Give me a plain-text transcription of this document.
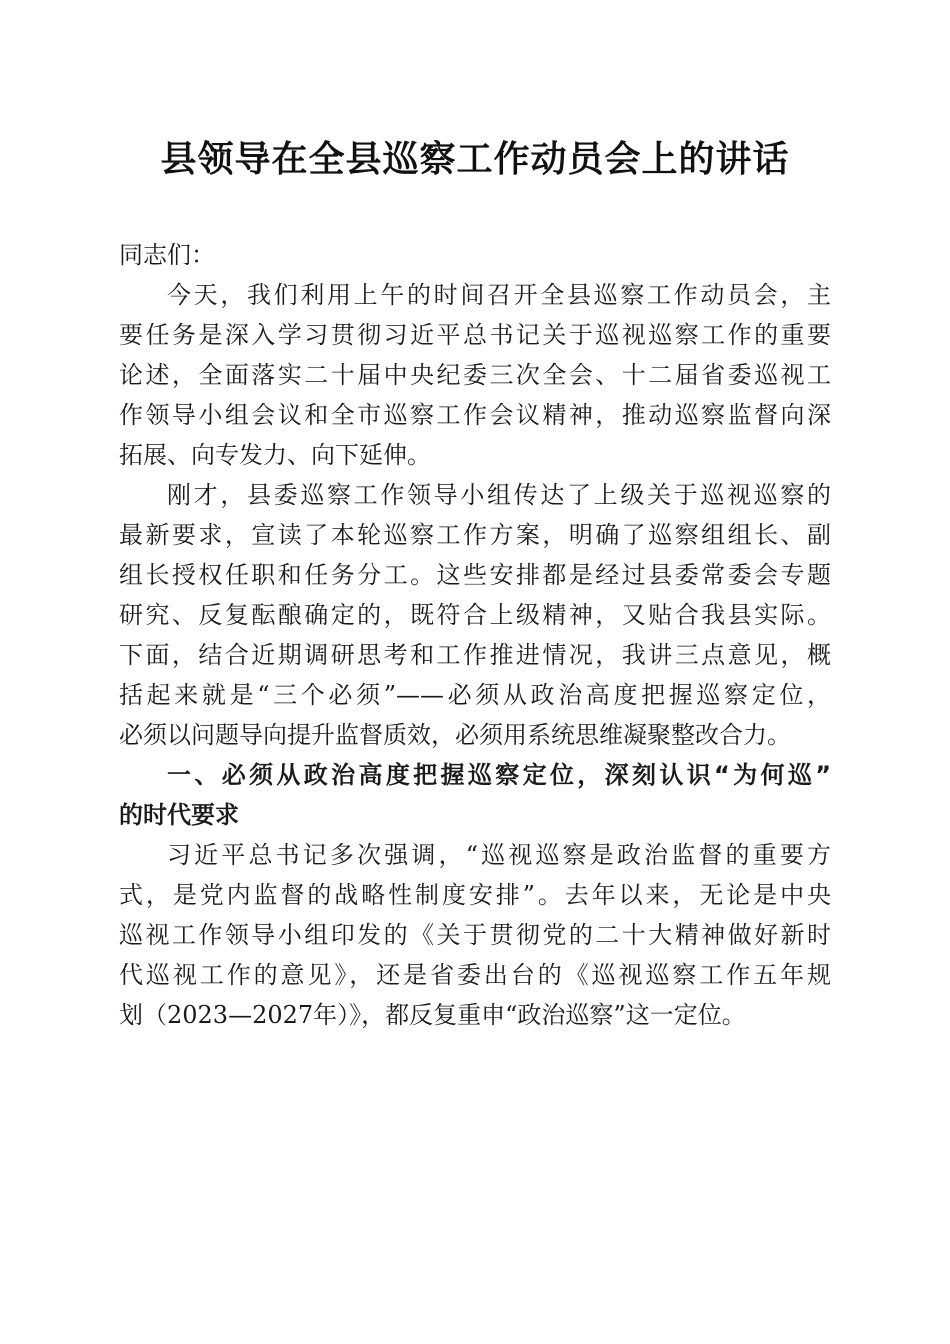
县领导在全县巡察工作动员会上的讲话
同志们：
今天，我们利用上午的时间召开全县巡察工作动员会，主
要任务是深入学习贯彻习近平总书记关于巡视巡察工作的重要
论述，全面落实二十届中央纪委三次全会、十二届省委巡视工
作领导小组会议和全市巡察工作会议精神，推动巡察监督向深
拓展、向专发力、向下延伸。
刚才，县委巡察工作领导小组传达了上级关于巡视巡察的
最新要求，宣读了本轮巡察工作方案，明确了巡察组组长、副
组长授权任职和任务分工。这些安排都是经过县委常委会专题
研究、反复酝酿确定的，既符合上级精神，又贴合我县实际。
下面，结合近期调研思考和工作推进情况，我讲三点意见，概
括起来就是“三个必须”——必须从政治高度把握巡察定位，
必须以问题导向提升监督质效，必须用系统思维凝聚整改合力。
一、必须从政治高度把握巡察定位，深刻认识“为何巡”
的时代要求
习近平总书记多次强调，“巡视巡察是政治监督的重要方
式，是党内监督的战略性制度安排”。去年以来，无论是中央
巡视工作领导小组印发的《关于贯彻党的二十大精神做好新时
代巡视工作的意见》，还是省委出台的《巡视巡察工作五年规
划（2023—2027年）》，都反复重申“政治巡察”这一定位。
